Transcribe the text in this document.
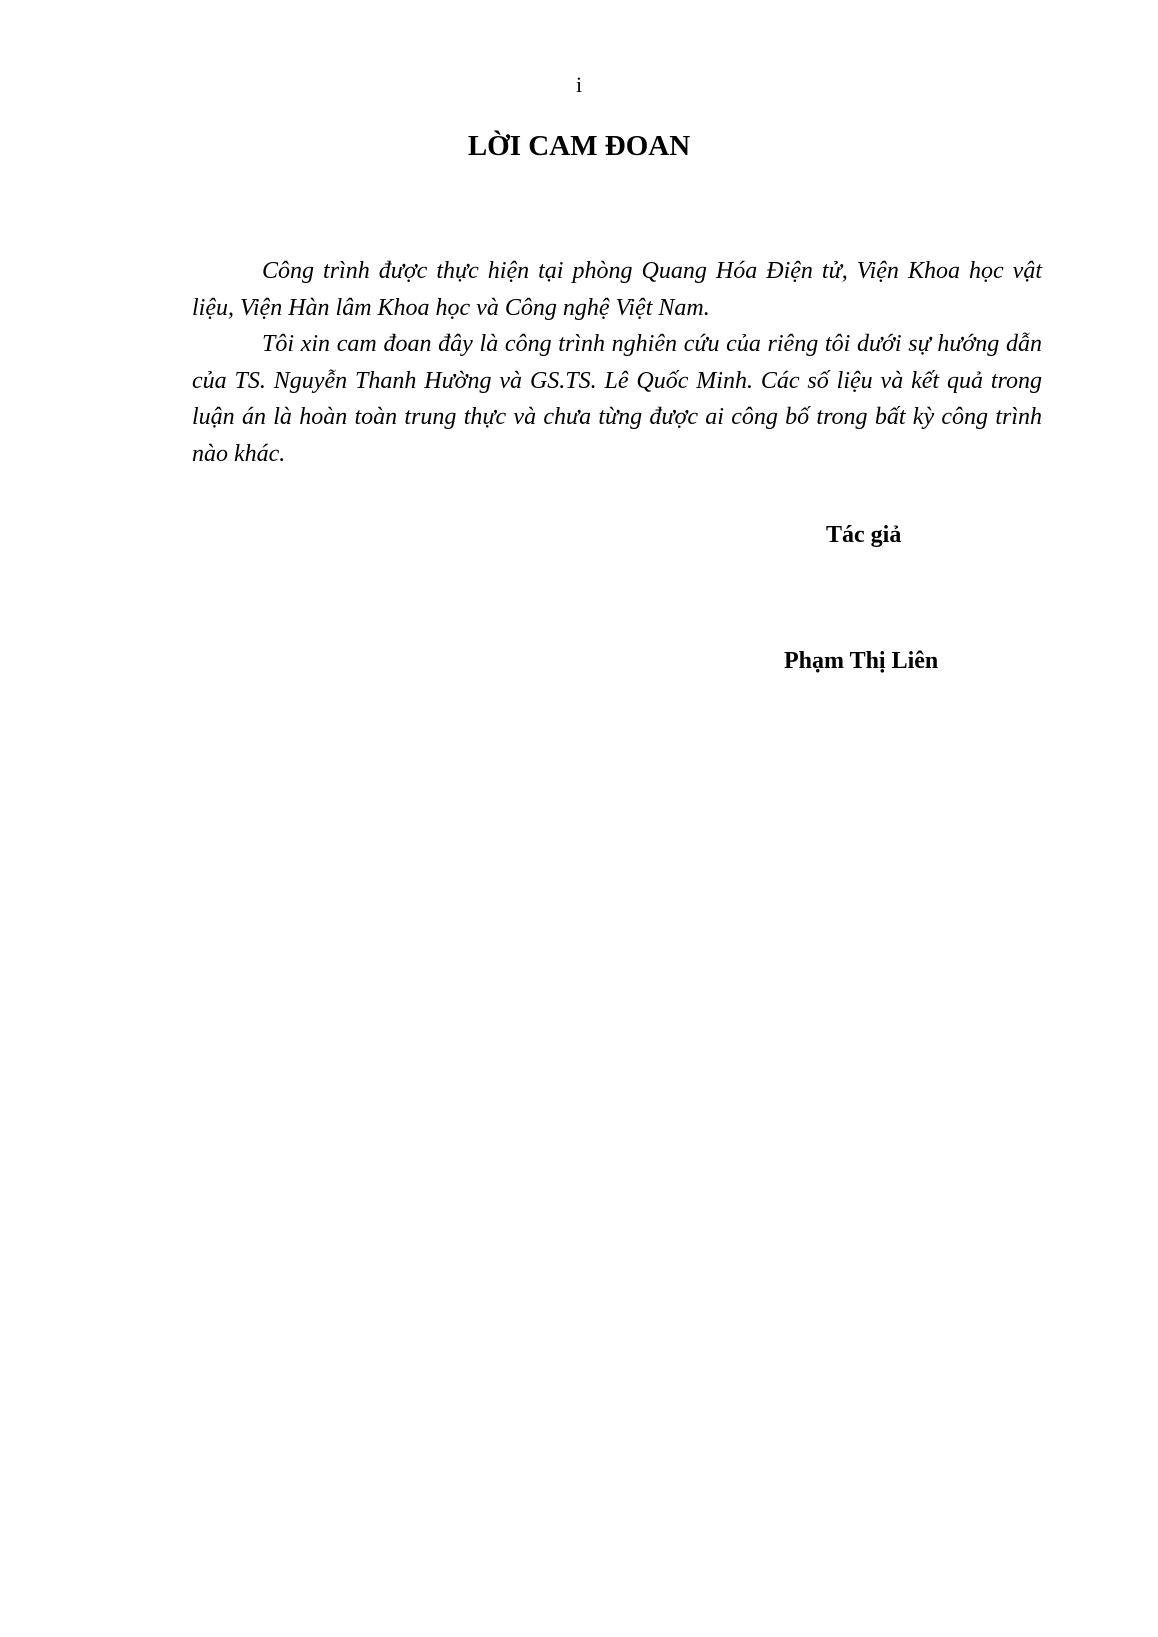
i
LỜI CAM ĐOAN

Công trình được thực hiện tại phòng Quang Hóa Điện tử, Viện Khoa học vật liệu, Viện Hàn lâm Khoa học và Công nghệ Việt Nam.

Tôi xin cam đoan đây là công trình nghiên cứu của riêng tôi dưới sự hướng dẫn của TS. Nguyễn Thanh Hường và GS.TS. Lê Quốc Minh. Các số liệu và kết quả trong luận án là hoàn toàn trung thực và chưa từng được ai công bố trong bất kỳ công trình nào khác.

Tác giả
Phạm Thị Liên
